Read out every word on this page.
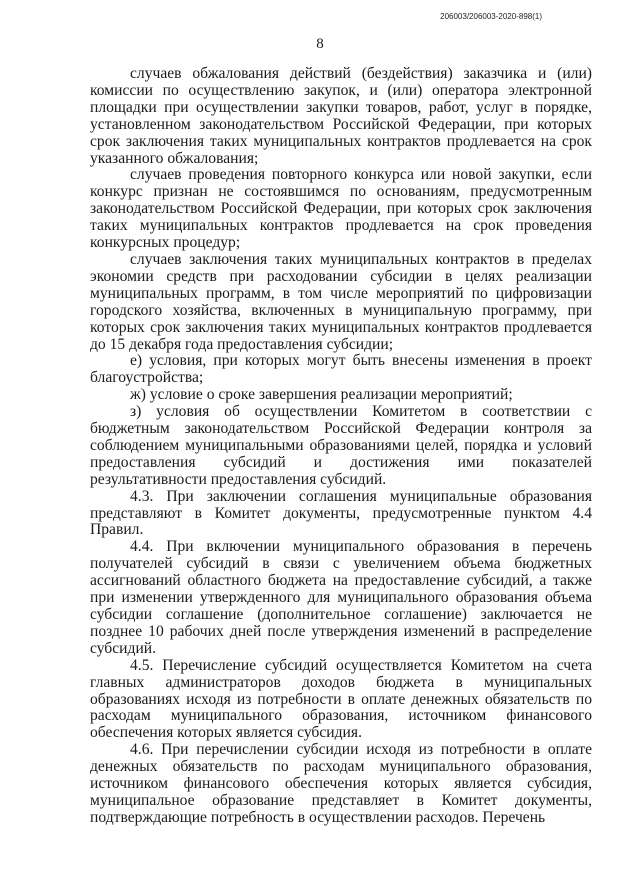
206003/206003-2020-898(1)
8

случаев обжалования действий (бездействия) заказчика и (или) комиссии по осуществлению закупок, и (или) оператора электронной площадки при осуществлении закупки товаров, работ, услуг в порядке, установленном законодательством Российской Федерации, при которых срок заключения таких муниципальных контрактов продлевается на срок указанного обжалования;

случаев проведения повторного конкурса или новой закупки, если конкурс признан не состоявшимся по основаниям, предусмотренным законодательством Российской Федерации, при которых срок заключения таких муниципальных контрактов продлевается на срок проведения конкурсных процедур;

случаев заключения таких муниципальных контрактов в пределах экономии средств при расходовании субсидии в целях реализации муниципальных программ, в том числе мероприятий по цифровизации городского хозяйства, включенных в муниципальную программу, при которых срок заключения таких муниципальных контрактов продлевается до 15 декабря года предоставления субсидии;

е) условия, при которых могут быть внесены изменения в проект благоустройства;

ж) условие о сроке завершения реализации мероприятий;

з) условия об осуществлении Комитетом в соответствии с бюджетным законодательством Российской Федерации контроля за соблюдением муниципальными образованиями целей, порядка и условий предоставления субсидий и достижения ими показателей результативности предоставления субсидий.

4.3. При заключении соглашения муниципальные образования представляют в Комитет документы, предусмотренные пунктом 4.4 Правил.

4.4. При включении муниципального образования в перечень получателей субсидий в связи с увеличением объема бюджетных ассигнований областного бюджета на предоставление субсидий, а также при изменении утвержденного для муниципального образования объема субсидии соглашение (дополнительное соглашение) заключается не позднее 10 рабочих дней после утверждения изменений в распределение субсидий.

4.5. Перечисление субсидий осуществляется Комитетом на счета главных администраторов доходов бюджета в муниципальных образованиях исходя из потребности в оплате денежных обязательств по расходам муниципального образования, источником финансового обеспечения которых является субсидия.

4.6. При перечислении субсидии исходя из потребности в оплате денежных обязательств по расходам муниципального образования, источником финансового обеспечения которых является субсидия, муниципальное образование представляет в Комитет документы, подтверждающие потребность в осуществлении расходов. Перечень
